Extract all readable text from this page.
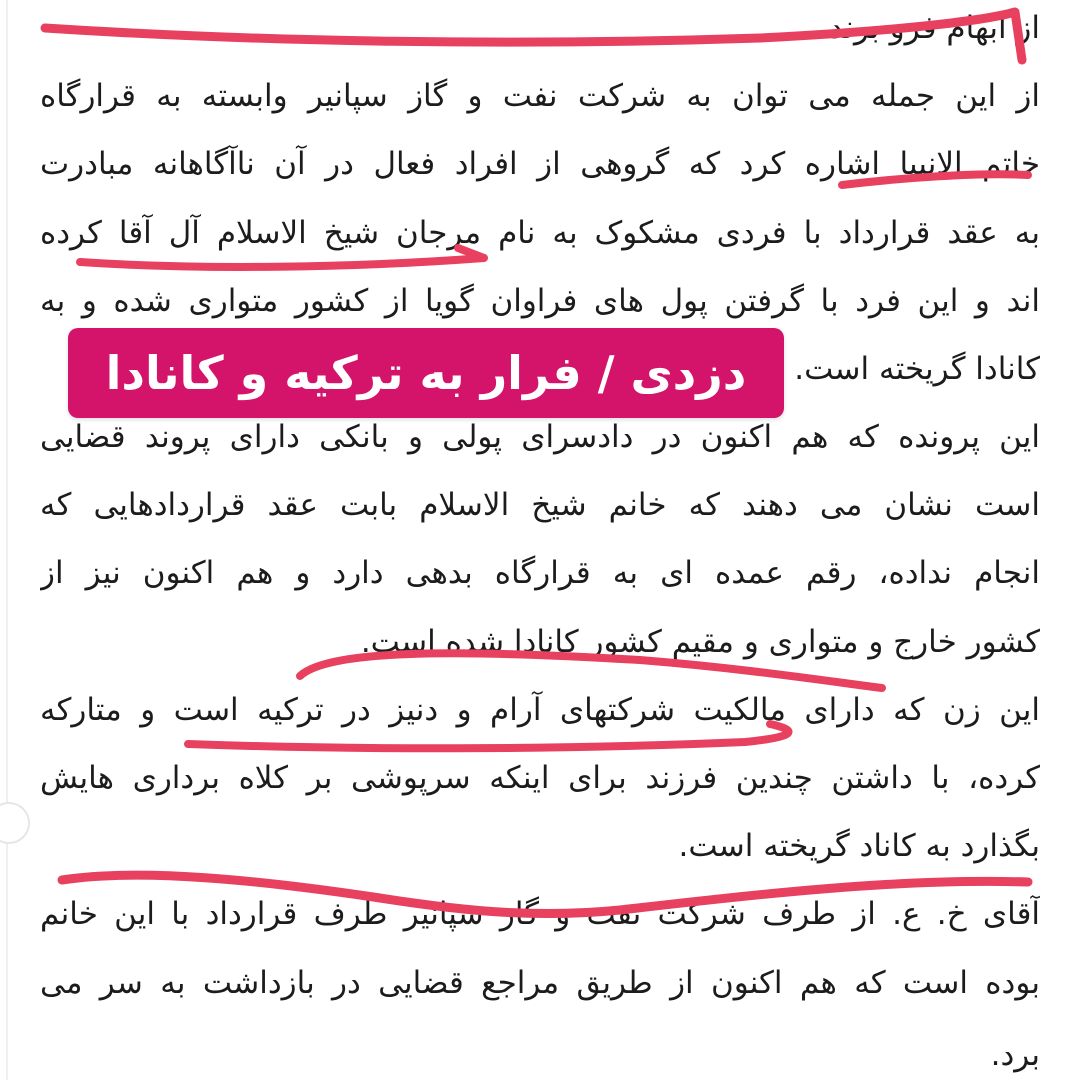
از ابهام فرو برند.
از این جمله می توان به شرکت نفت و گاز سپانیر وابسته به قرارگاه
خاتم الانبیا اشاره کرد که گروهی از افراد فعال در آن ناآگاهانه مبادرت
به عقد قرارداد با فردی مشکوک به نام مرجان شیخ الاسلام آل آقا کرده
اند و این فرد با گرفتن پول های فراوان گویا از کشور متواری شده و به
کانادا گریخته است.
این پرونده که هم اکنون در دادسرای پولی و بانکی دارای پروند قضایی
است نشان می دهند که خانم شیخ الاسلام بابت عقد قراردادهایی که
انجام نداده، رقم عمده ای به قرارگاه بدهی دارد و هم اکنون نیز از
کشور خارج و متواری و مقیم کشور کانادا شده است.
این زن که دارای مالکیت شرکتهای آرام و دنیز در ترکیه است و متارکه
کرده، با داشتن چندین فرزند برای اینکه سرپوشی بر کلاه برداری هایش
بگذارد به کاناد گریخته است.
آقای خ. ع. از طرف شرکت نفت و گاز سپانیر طرف قرارداد با این خانم
بوده است که هم اکنون از طریق مراجع قضایی در بازداشت به سر می
برد.
دزدی / فرار به ترکیه و کانادا
